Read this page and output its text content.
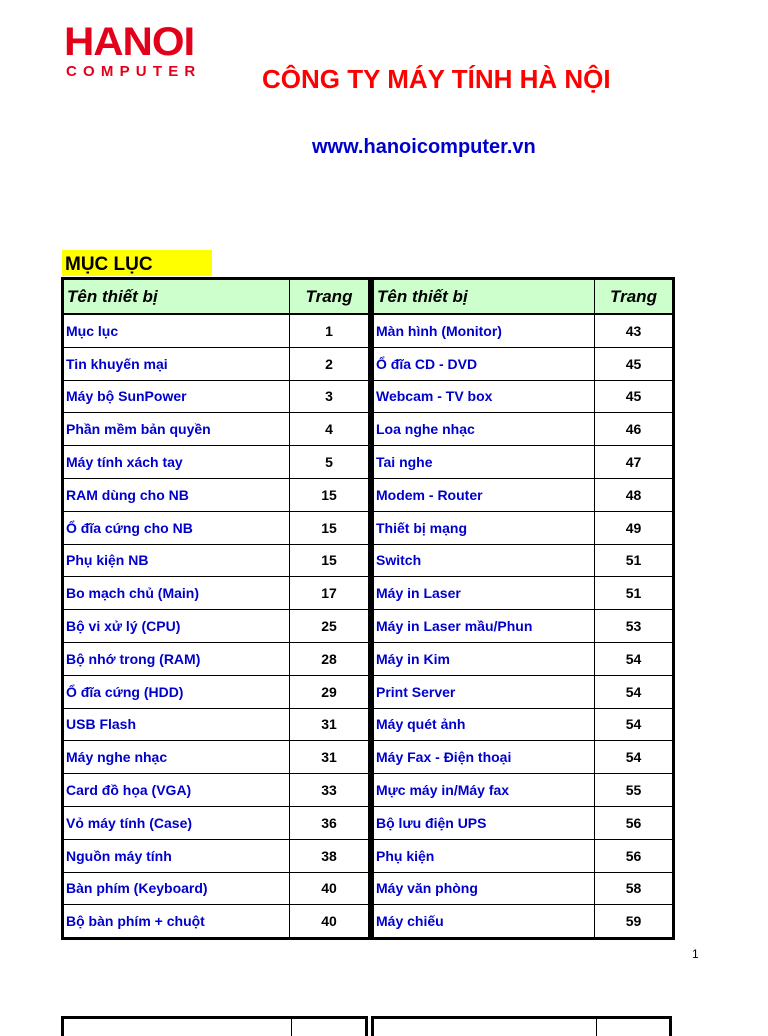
HANOI
COMPUTER CÔNG TY MÁY TÍNH HÀ NỘI
www.hanoicomputer.vn
MỤC LỤC
Tên thiết bị	Trang
Mục lục	1
Tin khuyến mại	2
Máy bộ SunPower	3
Phần mềm bản quyền	4
Máy tính xách tay	5
RAM dùng cho NB	15
Ổ đĩa cứng cho NB	15
Phụ kiện NB	15
Bo mạch chủ (Main)	17
Bộ vi xử lý (CPU)	25
Bộ nhớ trong (RAM)	28
Ổ đĩa cứng (HDD)	29
USB Flash	31
Máy nghe nhạc	31
Card đồ họa (VGA)	33
Vỏ máy tính (Case)	36
Nguồn máy tính	38
Bàn phím (Keyboard)	40
Bộ bàn phím + chuột	40
Tên thiết bị	Trang
Màn hình (Monitor)	43
Ổ đĩa CD - DVD	45
Webcam - TV box	45
Loa nghe nhạc	46
Tai nghe	47
Modem - Router	48
Thiết bị mạng	49
Switch	51
Máy in Laser	51
Máy in Laser mầu/Phun	53
Máy in Kim	54
Print Server	54
Máy quét ảnh	54
Máy Fax - Điện thoại	54
Mực máy in/Máy fax	55
Bộ lưu điện UPS	56
Phụ kiện	56
Máy văn phòng	58
Máy chiếu	59
1
